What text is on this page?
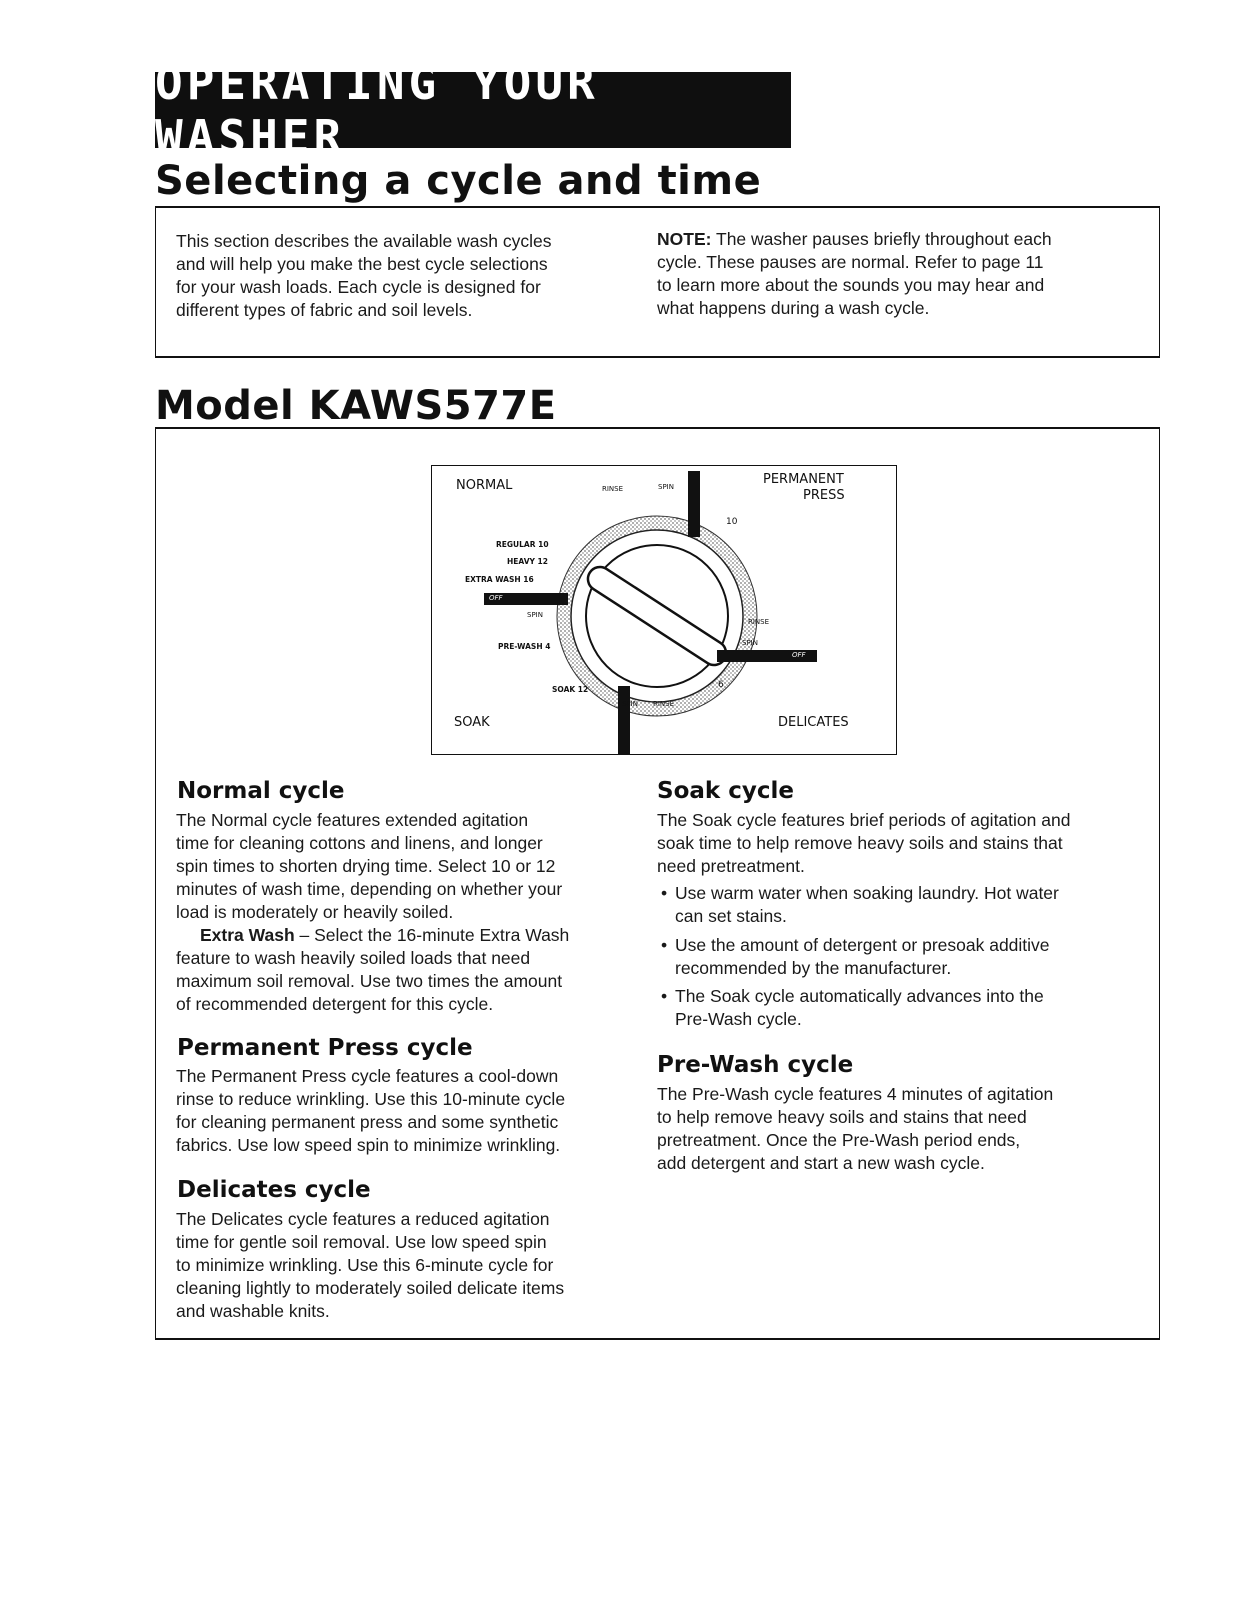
OPERATING YOUR WASHER
Selecting a cycle and time
This section describes the available wash cycles
and will help you make the best cycle selections
for your wash loads. Each cycle is designed for
different types of fabric and soil levels.
NOTE: The washer pauses briefly throughout each
cycle. These pauses are normal. Refer to page 11
to learn more about the sounds you may hear and
what happens during a wash cycle.
Model KAWS577E
NORMAL	PERMANENT
PRESS
SOAK	DELICATES
RINSE	SPIN
10
REGULAR 10
HEAVY 12
EXTRA WASH 16
OFF
SPIN
PRE-WASH 4
SOAK 12
SPIN RINSE
6
RINSE
SPIN
OFF
Normal cycle
The Normal cycle features extended agitation
time for cleaning cottons and linens, and longer
spin times to shorten drying time. Select 10 or 12
minutes of wash time, depending on whether your
load is moderately or heavily soiled.
Extra Wash – Select the 16-minute Extra Wash
feature to wash heavily soiled loads that need
maximum soil removal. Use two times the amount
of recommended detergent for this cycle.
Permanent Press cycle
The Permanent Press cycle features a cool-down
rinse to reduce wrinkling. Use this 10-minute cycle
for cleaning permanent press and some synthetic
fabrics. Use low speed spin to minimize wrinkling.
Delicates cycle
The Delicates cycle features a reduced agitation
time for gentle soil removal. Use low speed spin
to minimize wrinkling. Use this 6-minute cycle for
cleaning lightly to moderately soiled delicate items
and washable knits.
Soak cycle
The Soak cycle features brief periods of agitation and
soak time to help remove heavy soils and stains that
need pretreatment.
• Use warm water when soaking laundry. Hot water
can set stains.
• Use the amount of detergent or presoak additive
recommended by the manufacturer.
• The Soak cycle automatically advances into the
Pre-Wash cycle.
Pre-Wash cycle
The Pre-Wash cycle features 4 minutes of agitation
to help remove heavy soils and stains that need
pretreatment. Once the Pre-Wash period ends,
add detergent and start a new wash cycle.
